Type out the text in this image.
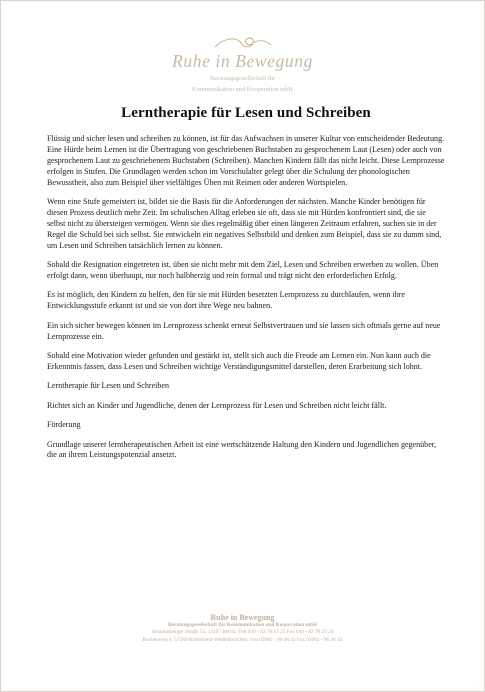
Ruhe in Bewegung
Beratungsgesellschaft für
Kommunikation und Kooperation mbH
Lerntherapie für Lesen und Schreiben

Flüssig und sicher lesen und schreiben zu können, ist für das Aufwachsen in unserer Kultur von entscheidender Bedeutung. Eine Hürde beim Lernen ist die Übertragung von geschriebenen Buchstaben zu gesprochenem Laut (Lesen) oder auch von gesprochenem Laut zu geschriebenem Buchstaben (Schreiben). Manchen Kindern fällt das nicht leicht. Diese Lernprozesse erfolgen in Stufen. Die Grundlagen werden schon im Vorschulalter gelegt über die Schulung der phonologischen Bewusstheit, also zum Beispiel über vielfältiges Üben mit Reimen oder anderen Wortspielen.

Wenn eine Stufe gemeistert ist, bildet sie die Basis für die Anforderungen der nächsten. Manche Kinder benötigen für diesen Prozess deutlich mehr Zeit. Im schulischen Alltag erleben sie oft, dass sie mit Hürden konfrontiert sind, die sie selbst nicht zu übersteigen vermögen. Wenn sie dies regelmäßig über einen längeren Zeitraum erfahren, suchen sie in der Regel die Schuld bei sich selbst. Sie entwickeln ein negatives Selbstbild und denken zum Beispiel, dass sie zu dumm sind, um Lesen und Schreiben tatsächlich lernen zu können.

Sobald die Resignation eingetreten ist, üben sie nicht mehr mit dem Ziel, Lesen und Schreiben erwerben zu wollen. Üben erfolgt dann, wenn überhaupt, nur noch halbherzig und rein formal und trägt nicht den erforderlichen Erfolg.

Es ist möglich, den Kindern zu helfen, den für sie mit Hürden besetzten Lernprozess zu durchlaufen, wenn ihre Entwicklungsstufe erkannt ist und sie von dort ihre Wege neu bahnen.

Ein sich sicher bewegen können im Lernprozess schenkt erneut Selbstvertrauen und sie lassen sich oftmals gerne auf neue Lernprozesse ein.

Sobald eine Motivation wieder gefunden und gestärkt ist, stellt sich auch die Freude am Lernen ein. Nun kann auch die Erkenntnis fassen, dass Lesen und Schreiben wichtige Verständigungsmittel darstellen, deren Erarbeitung sich lohnt.

Lerntherapie für Lesen und Schreiben

Richtet sich an Kinder und Jugendliche, denen der Lernprozess für Lesen und Schreiben nicht leicht fällt.

Förderung

Grundlage unserer lerntherapeutischen Arbeit ist eine wertschätzende Haltung den Kindern und Jugendlichen gegenüber, die an ihrem Leistungspotenzial ansetzt.

Ruhe in Bewegung
Beratungsgesellschaft für Kommunikation und Kooperation mbH
Johannisberger Straße 53, 14197 Berlin, Fon 030 - 82 70 23 25 Fax 030 - 82 70 23 24
Buchenweg 4, 57589 Birkenbeul-Weißenbrüchen, Fon 02682 - 96 48 42 Fax 02682 - 96 48 42
